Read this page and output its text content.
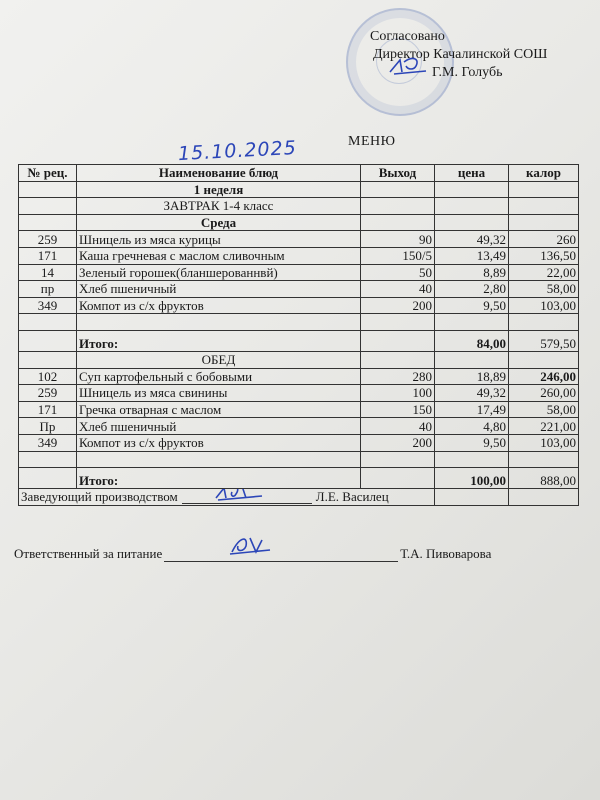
Согласовано
Директор Качалинской СОШ
Г.М. Голубь
МЕНЮ
15.10.2025
№ рец.	Наименование блюд	Выход	цена	калор
	1 неделя			
	ЗАВТРАК 1-4 класс			
	Среда			
259	Шницель из мяса курицы	90	49,32	260
171	Каша гречневая с маслом сливочным	150/5	13,49	136,50
14	Зеленый горошек(бланшерованнвй)	50	8,89	22,00
пр	Хлеб пшеничный	40	2,80	58,00
349	Компот из с/х фруктов	200	9,50	103,00

	Итого:		84,00	579,50
	ОБЕД			
102	Суп картофельный с бобовыми	280	18,89	246,00
259	Шницель из мяса свинины	100	49,32	260,00
171	Гречка отварная с маслом	150	17,49	58,00
Пр	Хлеб пшеничный	40	4,80	221,00
349	Компот из с/х фруктов	200	9,50	103,00

	Итого:		100,00	888,00

Заведующий производством Л.Е. Василец				

Ответственный за питание	Т.А. Пивоварова
